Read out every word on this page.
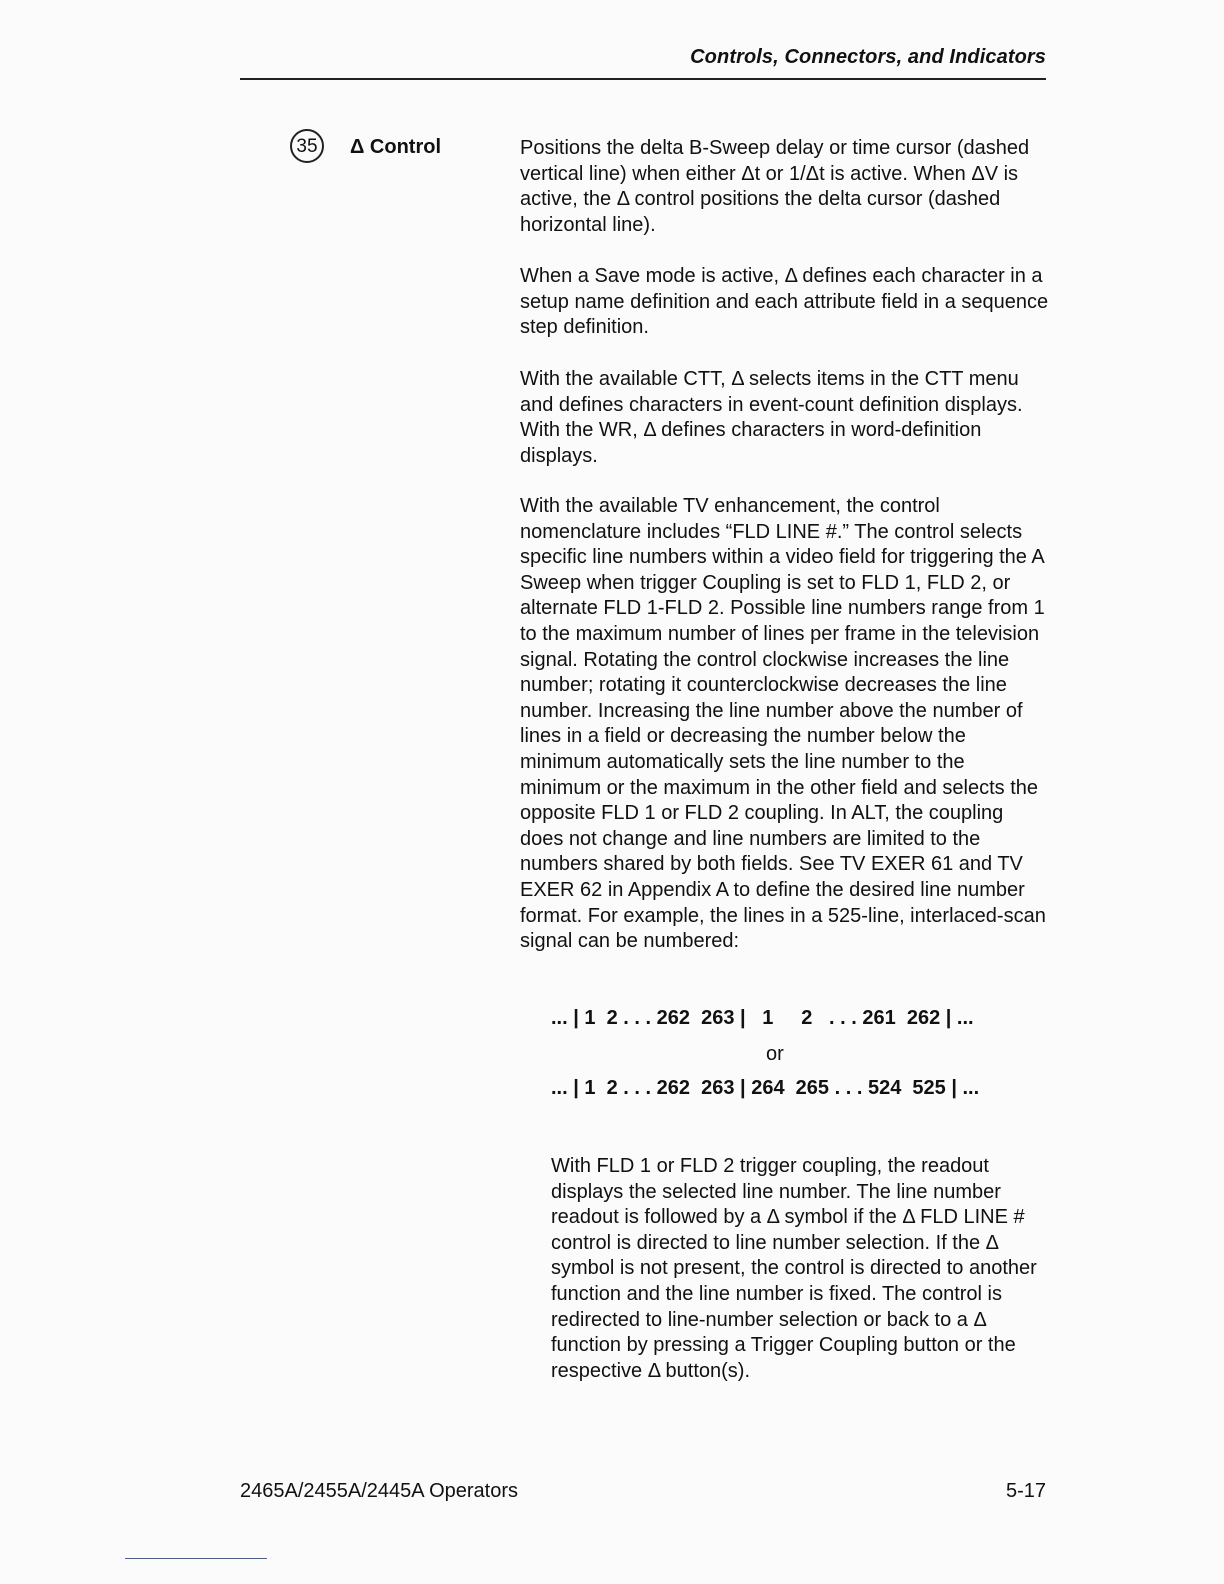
Controls, Connectors, and Indicators
35	Δ Control	Positions the delta B-Sweep delay or time cursor (dashed vertical line) when either Δt or 1/Δt is active. When ΔV is active, the Δ control positions the delta cursor (dashed horizontal line).

When a Save mode is active, Δ defines each character in a setup name definition and each attribute field in a sequence step definition.

With the available CTT, Δ selects items in the CTT menu and defines characters in event-count definition displays. With the WR, Δ defines characters in word-definition displays.

With the available TV enhancement, the control nomenclature includes “FLD LINE #.” The control selects specific line numbers within a video field for triggering the A Sweep when trigger Coupling is set to FLD 1, FLD 2, or alternate FLD 1-FLD 2. Possible line numbers range from 1 to the maximum number of lines per frame in the television signal. Rotating the control clockwise increases the line number; rotating it counterclockwise decreases the line number. Increasing the line number above the number of lines in a field or decreasing the number below the minimum automatically sets the line number to the minimum or the maximum in the other field and selects the opposite FLD 1 or FLD 2 coupling. In ALT, the coupling does not change and line numbers are limited to the numbers shared by both fields. See TV EXER 61 and TV EXER 62 in Appendix A to define the desired line number format. For example, the lines in a 525-line, interlaced-scan signal can be numbered:

... | 1  2 . . . 262  263 |   1     2   . . . 261  262 | ...
or
... | 1  2 . . . 262  263 | 264  265 . . . 524  525 | ...

With FLD 1 or FLD 2 trigger coupling, the readout displays the selected line number. The line number readout is followed by a Δ symbol if the Δ FLD LINE # control is directed to line number selection. If the Δ symbol is not present, the control is directed to another function and the line number is fixed. The control is redirected to line-number selection or back to a Δ function by pressing a Trigger Coupling button or the respective Δ button(s).

2465A/2455A/2445A Operators	5-17
